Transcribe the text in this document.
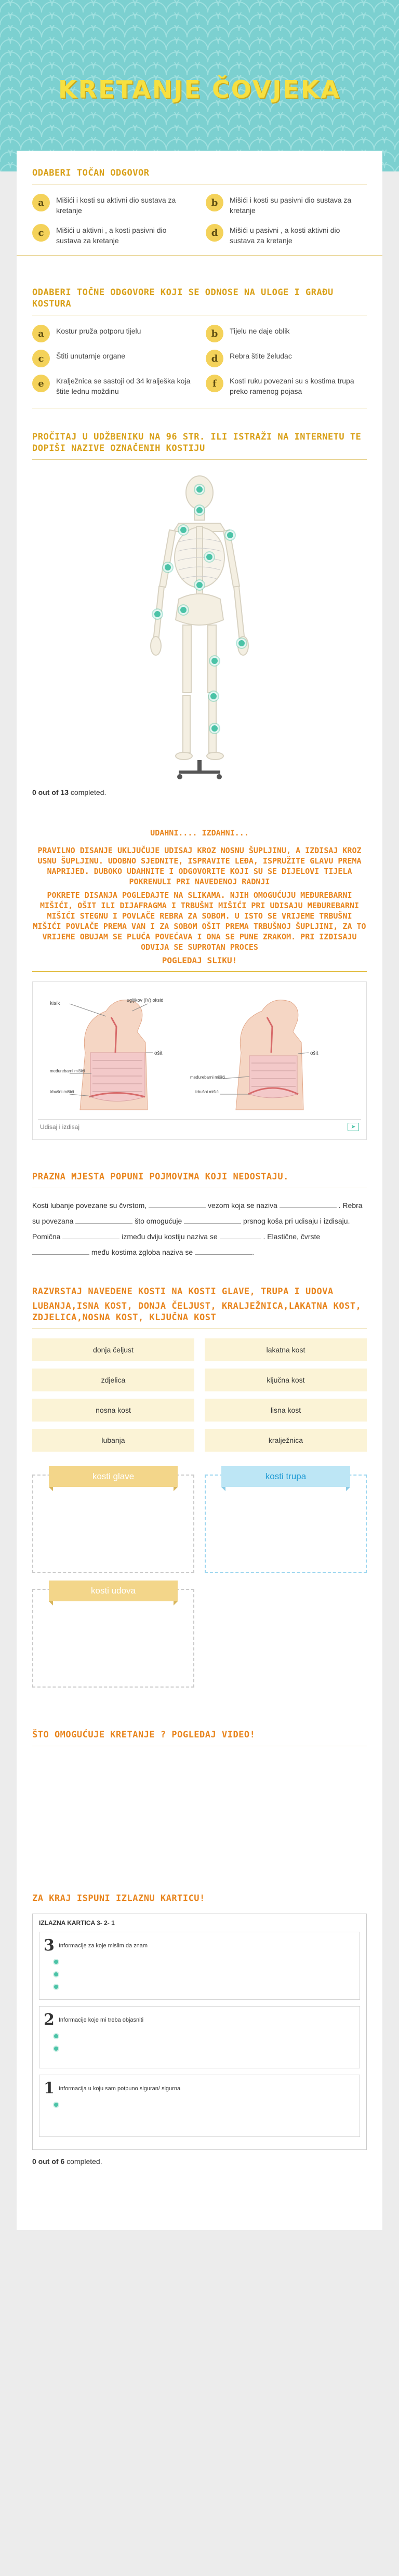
KRETANJE ČOVJEKA
ODABERI TOČAN ODGOVOR
a	Mišići i kosti su aktivni dio sustava za kretanje
b	Mišići i kosti su pasivni dio sustava za kretanje
c	Mišići u aktivni , a kosti pasivni dio sustava za kretanje
d	Mišići u pasivni , a kosti aktivni dio sustava za kretanje
ODABERI TOČNE ODGOVORE KOJI SE ODNOSE NA ULOGE I GRAĐU KOSTURA
a	Kostur pruža potporu tijelu	b	Tijelu ne daje oblik
c	Štiti unutarnje organe	d	Rebra štite želudac
e	Kralježnica se sastoji od 34 kralješka koja štite lednu moždinu
f	Kosti ruku povezani su s kostima trupa preko ramenog pojasa
PROČITAJ U UDŽBENIKU NA 96 STR. ILI ISTRAŽI NA INTERNETU TE DOPIŠI NAZIVE OZNAČENIH KOSTIJU
0 out of 13 completed.
UDAHNI.... IZDAHNI...
PRAVILNO DISANJE UKLJUČUJE UDISAJ KROZ NOSNU ŠUPLJINU, A IZDISAJ KROZ USNU ŠUPLJINU. UDOBNO SJEDNITE, ISPRAVITE LEĐA, ISPRUŽITE GLAVU PREMA NAPRIJED. DUBOKO UDAHNITE I ODGOVORITE KOJI SU SE DIJELOVI TIJELA POKRENULI PRI NAVEDENOJ RADNJI
POKRETE DISANJA POGLEDAJTE NA SLIKAMA. NJIH OMOGUĆUJU MEĐUREBARNI MIŠIĆI, OŠIT ILI DIJAFRAGMA I TRBUŠNI MIŠIĆI PRI UDISAJU MEĐUREBARNI MIŠIĆI STEGNU I POVLAČE REBRA ZA SOBOM. U ISTO SE VRIJEME TRBUŠNI MIŠIĆI POVLAČE PREMA VAN I ZA SOBOM OŠIT PREMA TRBUŠNOJ ŠUPLJINI, ZA TO VRIJEME OBUJAM SE PLUĆA POVEĆAVA I ONA SE PUNE ZRAKOM. PRI IZDISAJU ODVIJA SE SUPROTAN PROCES
POGLEDAJ SLIKU!
kisik
ugljikov (IV) oksid
ošit
međurebarni mišići
trbušni mišići
ošit
međurebarni mišići
trbušni mišići
Udisaj i izdisaj	➤
PRAZNA MJESTA POPUNI POJMOVIMA KOJI NEDOSTAJU.
Kosti lubanje povezane su čvrstom,	vezom koja se naziva	. Rebra su povezana	što omogućuje	prsnog koša pri udisaju i izdisaju. Pomična	između dviju kostiju naziva se	. Elastične, čvrste  među kostima zgloba naziva se	.
RAZVRSTAJ NAVEDENE KOSTI NA KOSTI GLAVE, TRUPA I UDOVA
LUBANJA,ISNA KOST, DONJA ČELJUST, KRALJEŽNICA,LAKATNA KOST, ZDJELICA,NOSNA KOST, KLJUČNA KOST
donja čeljust	lakatna kost
zdjelica	ključna kost
nosna kost	lisna kost
lubanja	kralježnica
kosti glave	kosti trupa
kosti udova
ŠTO OMOGUĆUJE KRETANJE ? POGLEDAJ VIDEO!
ZA KRAJ ISPUNI IZLAZNU KARTICU!
IZLAZNA KARTICA 3- 2- 1
3 Informacije za koje mislim da znam
2 Informacije koje mi treba objasniti
1 Informacija u koju sam potpuno siguran/ sigurna
0 out of 6 completed.
